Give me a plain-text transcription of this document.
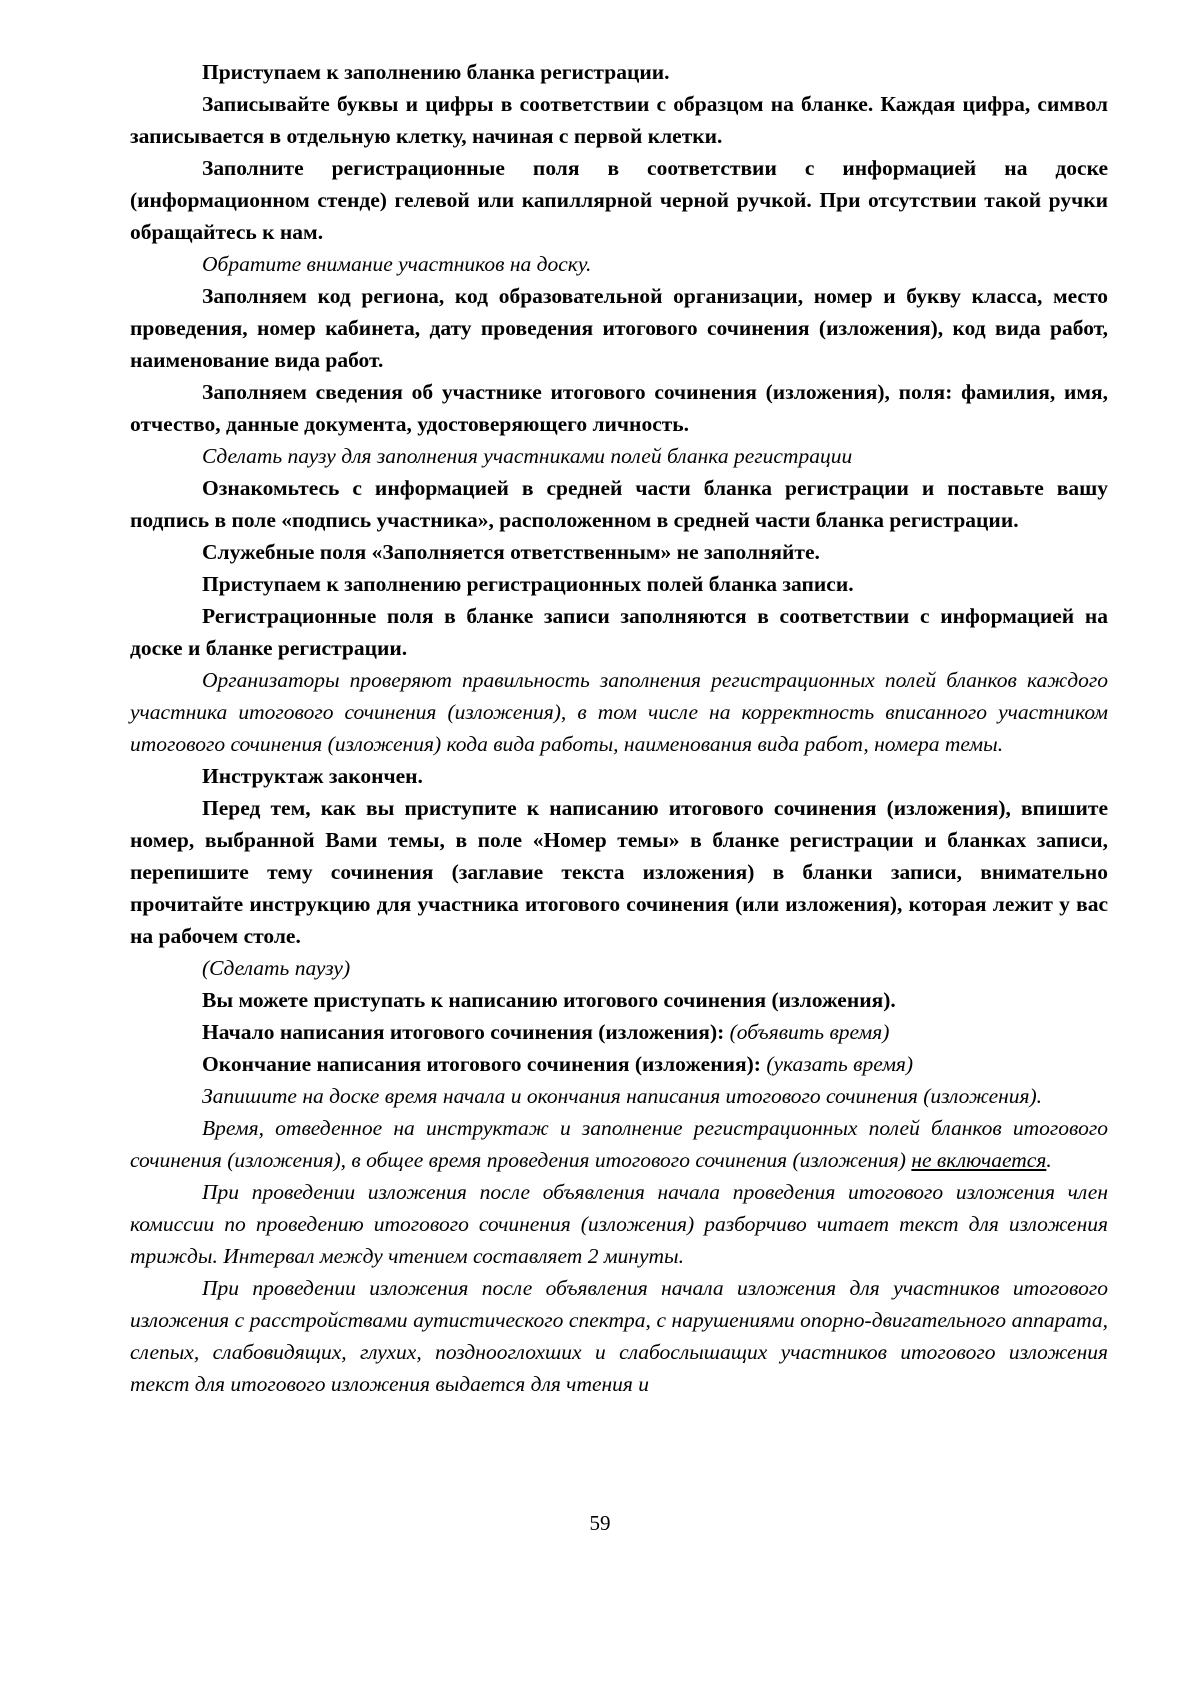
Приступаем к заполнению бланка регистрации.

Записывайте буквы и цифры в соответствии с образцом на бланке. Каждая цифра, символ записывается в отдельную клетку, начиная с первой клетки.

Заполните регистрационные поля в соответствии с информацией на доске (информационном стенде) гелевой или капиллярной черной ручкой. При отсутствии такой ручки обращайтесь к нам.

Обратите внимание участников на доску.

Заполняем код региона, код образовательной организации, номер и букву класса, место проведения, номер кабинета, дату проведения итогового сочинения (изложения), код вида работ, наименование вида работ.

Заполняем сведения об участнике итогового сочинения (изложения), поля: фамилия, имя, отчество, данные документа, удостоверяющего личность.

Сделать паузу для заполнения участниками полей бланка регистрации

Ознакомьтесь с информацией в средней части бланка регистрации и поставьте вашу подпись в поле «подпись участника», расположенном в средней части бланка регистрации.

Служебные поля «Заполняется ответственным» не заполняйте.

Приступаем к заполнению регистрационных полей бланка записи.

Регистрационные поля в бланке записи заполняются в соответствии с информацией на доске и бланке регистрации.

Организаторы проверяют правильность заполнения регистрационных полей бланков каждого участника итогового сочинения (изложения), в том числе на корректность вписанного участником итогового сочинения (изложения) кода вида работы, наименования вида работ, номера темы.

Инструктаж закончен.

Перед тем, как вы приступите к написанию итогового сочинения (изложения), впишите номер, выбранной Вами темы, в поле «Номер темы» в бланке регистрации и бланках записи, перепишите тему сочинения (заглавие текста изложения) в бланки записи, внимательно прочитайте инструкцию для участника итогового сочинения (или изложения), которая лежит у вас на рабочем столе.

(Сделать паузу)

Вы можете приступать к написанию итогового сочинения (изложения).

Начало написания итогового сочинения (изложения): (объявить время)

Окончание написания итогового сочинения (изложения): (указать время)

Запишите на доске время начала и окончания написания итогового сочинения (изложения).

Время, отведенное на инструктаж и заполнение регистрационных полей бланков итогового сочинения (изложения), в общее время проведения итогового сочинения (изложения) не включается.

При проведении изложения после объявления начала проведения итогового изложения член комиссии по проведению итогового сочинения (изложения) разборчиво читает текст для изложения трижды. Интервал между чтением составляет 2 минуты.

При проведении изложения после объявления начала изложения для участников итогового изложения с расстройствами аутистического спектра, с нарушениями опорно-двигательного аппарата, слепых, слабовидящих, глухих, позднооглохших и слабослышащих участников итогового изложения текст для итогового изложения выдается для чтения и

59
